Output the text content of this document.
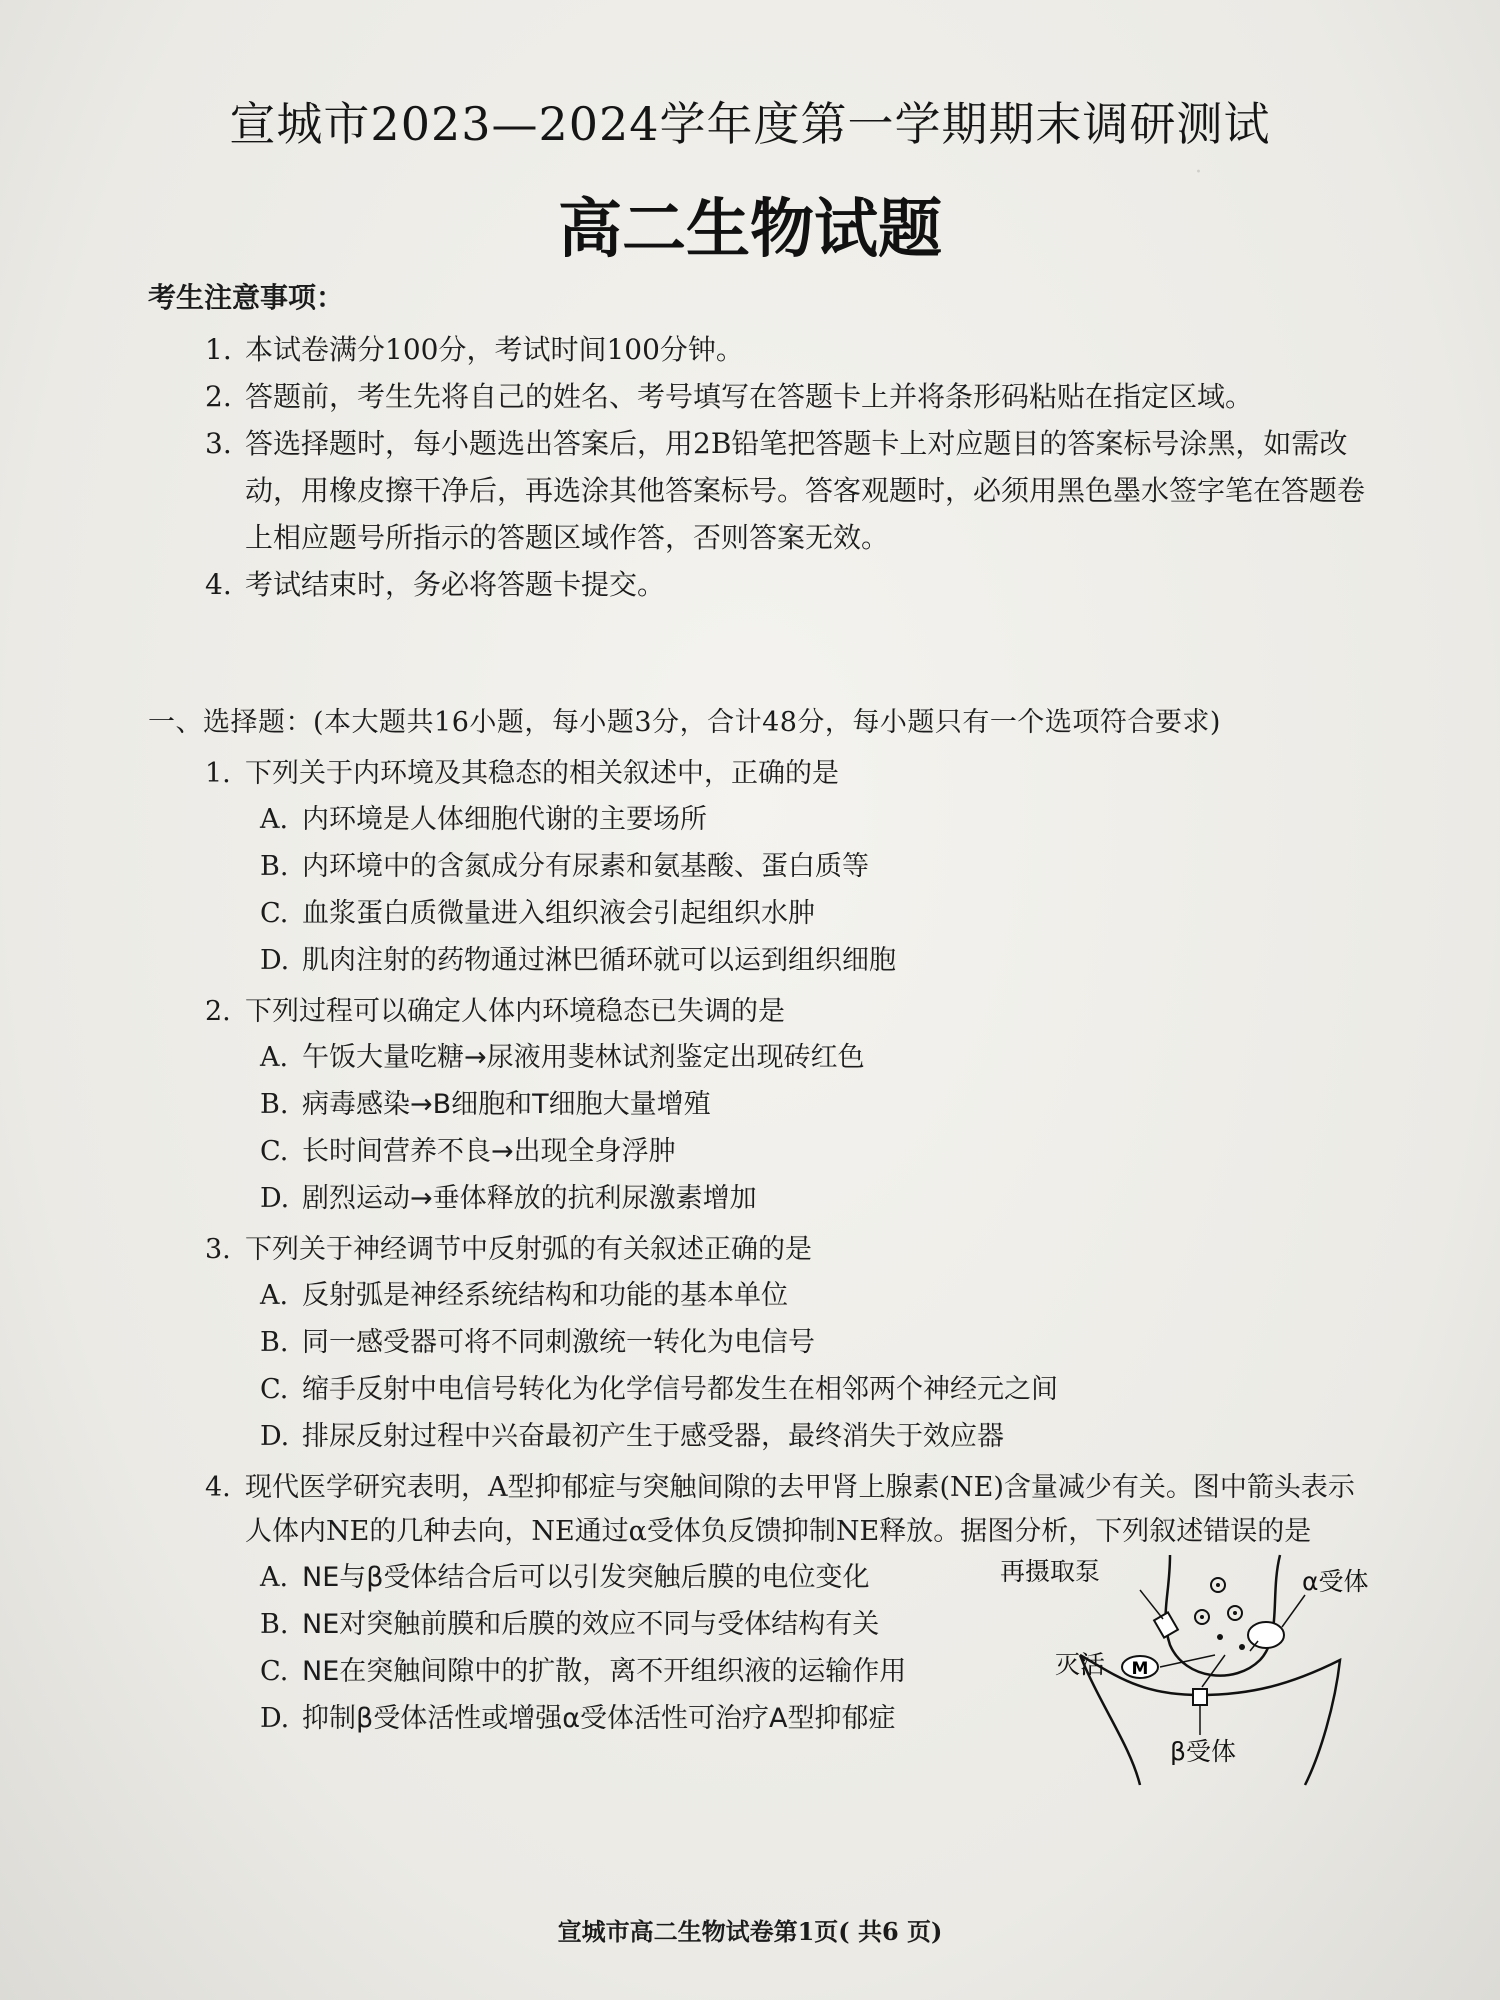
·
宣城市2023—2024学年度第一学期期末调研测试
高二生物试题
考生注意事项：
1. 本试卷满分100分，考试时间100分钟。
2. 答题前，考生先将自己的姓名、考号填写在答题卡上并将条形码粘贴在指定区域。
3. 答选择题时，每小题选出答案后，用2B铅笔把答题卡上对应题目的答案标号涂黑，如需改动，用橡皮擦干净后，再选涂其他答案标号。答客观题时，必须用黑色墨水签字笔在答题卷上相应题号所指示的答题区域作答，否则答案无效。
4. 考试结束时，务必将答题卡提交。
一、选择题：(本大题共16小题，每小题3分，合计48分，每小题只有一个选项符合要求)
1. 下列关于内环境及其稳态的相关叙述中，正确的是
A. 内环境是人体细胞代谢的主要场所
B. 内环境中的含氮成分有尿素和氨基酸、蛋白质等
C. 血浆蛋白质微量进入组织液会引起组织水肿
D. 肌肉注射的药物通过淋巴循环就可以运到组织细胞
2. 下列过程可以确定人体内环境稳态已失调的是
A. 午饭大量吃糖→尿液用斐林试剂鉴定出现砖红色
B. 病毒感染→B细胞和T细胞大量增殖
C. 长时间营养不良→出现全身浮肿
D. 剧烈运动→垂体释放的抗利尿激素增加
3. 下列关于神经调节中反射弧的有关叙述正确的是
A. 反射弧是神经系统结构和功能的基本单位
B. 同一感受器可将不同刺激统一转化为电信号
C. 缩手反射中电信号转化为化学信号都发生在相邻两个神经元之间
D. 排尿反射过程中兴奋最初产生于感受器，最终消失于效应器
4. 现代医学研究表明，A型抑郁症与突触间隙的去甲肾上腺素(NE)含量减少有关。图中箭头表示人体内NE的几种去向，NE通过α受体负反馈抑制NE释放。据图分析，下列叙述错误的是
A. NE与β受体结合后可以引发突触后膜的电位变化
B. NE对突触前膜和后膜的效应不同与受体结构有关
C. NE在突触间隙中的扩散，离不开组织液的运输作用
D. 抑制β受体活性或增强α受体活性可治疗A型抑郁症
M
再摄取泵	α受体
灭活
β受体
宣城市高二生物试卷第1页( 共6 页)
